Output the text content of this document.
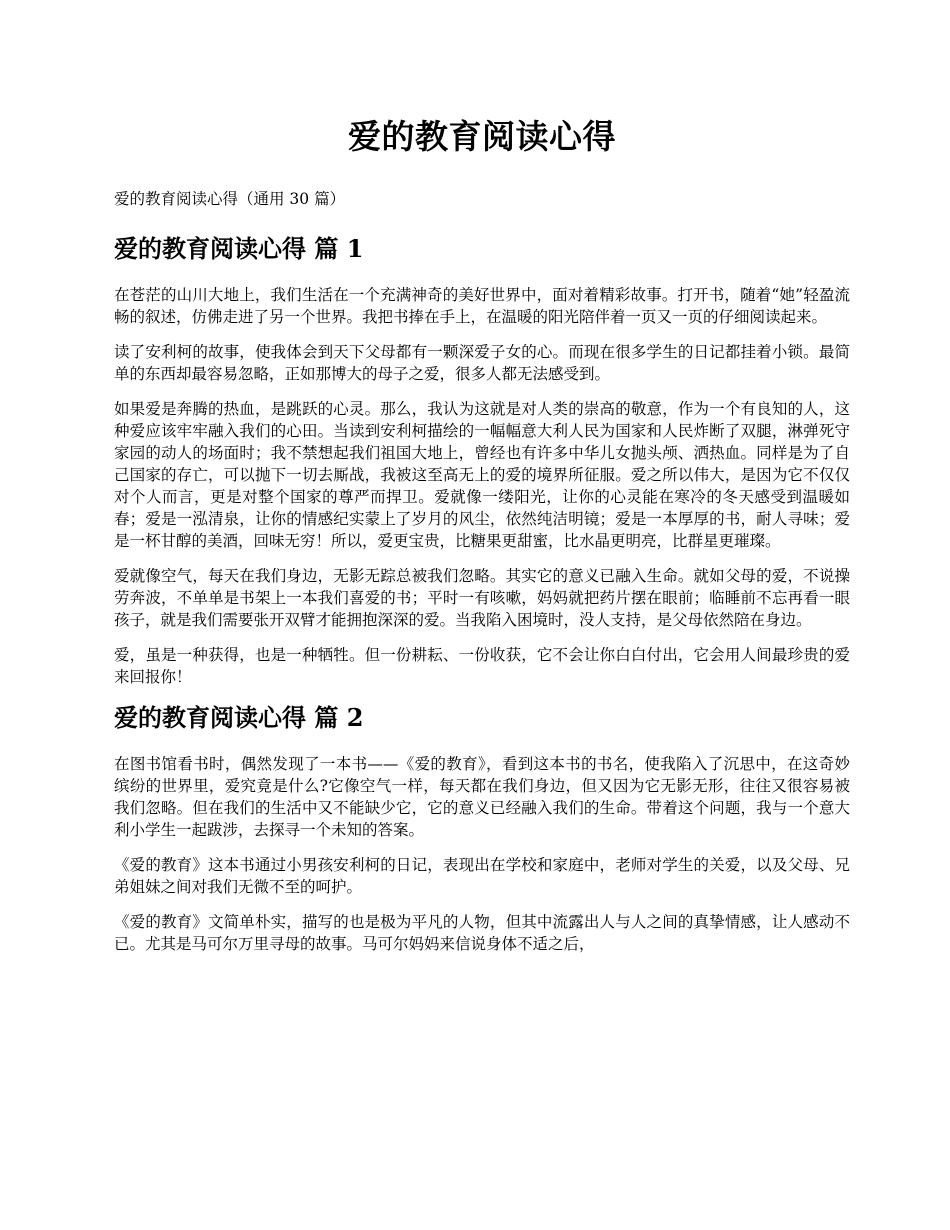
爱的教育阅读心得
爱的教育阅读心得（通用 30 篇）
爱的教育阅读心得 篇 1

在苍茫的山川大地上，我们生活在一个充满神奇的美好世界中，面对着精彩故事。打开书，随着“她”轻盈流畅的叙述，仿佛走进了另一个世界。我把书捧在手上，在温暖的阳光陪伴着一页又一页的仔细阅读起来。

读了安利柯的故事，使我体会到天下父母都有一颗深爱子女的心。而现在很多学生的日记都挂着小锁。最简单的东西却最容易忽略，正如那博大的母子之爱，很多人都无法感受到。

如果爱是奔腾的热血，是跳跃的心灵。那么，我认为这就是对人类的崇高的敬意，作为一个有良知的人，这种爱应该牢牢融入我们的心田。当读到安利柯描绘的一幅幅意大利人民为国家和人民炸断了双腿，淋弹死守家园的动人的场面时；我不禁想起我们祖国大地上，曾经也有许多中华儿女抛头颅、洒热血。同样是为了自己国家的存亡，可以抛下一切去厮战，我被这至高无上的爱的境界所征服。爱之所以伟大，是因为它不仅仅对个人而言，更是对整个国家的尊严而捍卫。爱就像一缕阳光，让你的心灵能在寒冷的冬天感受到温暖如春；爱是一泓清泉，让你的情感纪实蒙上了岁月的风尘，依然纯洁明镜；爱是一本厚厚的书，耐人寻味；爱是一杯甘醇的美酒，回味无穷！所以，爱更宝贵，比糖果更甜蜜，比水晶更明亮，比群星更璀璨。

爱就像空气，每天在我们身边，无影无踪总被我们忽略。其实它的意义已融入生命。就如父母的爱，不说操劳奔波，不单单是书架上一本我们喜爱的书；平时一有咳嗽，妈妈就把药片摆在眼前；临睡前不忘再看一眼孩子，就是我们需要张开双臂才能拥抱深深的爱。当我陷入困境时，没人支持，是父母依然陪在身边。

爱，虽是一种获得，也是一种牺牲。但一份耕耘、一份收获，它不会让你白白付出，它会用人间最珍贵的爱来回报你！

爱的教育阅读心得 篇 2

在图书馆看书时，偶然发现了一本书——《爱的教育》，看到这本书的书名，使我陷入了沉思中，在这奇妙缤纷的世界里，爱究竟是什么?它像空气一样，每天都在我们身边，但又因为它无影无形，往往又很容易被我们忽略。但在我们的生活中又不能缺少它，它的意义已经融入我们的生命。带着这个问题，我与一个意大利小学生一起跋涉，去探寻一个未知的答案。

《爱的教育》这本书通过小男孩安利柯的日记，表现出在学校和家庭中，老师对学生的关爱，以及父母、兄弟姐妹之间对我们无微不至的呵护。

《爱的教育》文简单朴实，描写的也是极为平凡的人物，但其中流露出人与人之间的真挚情感，让人感动不已。尤其是马可尔万里寻母的故事。马可尔妈妈来信说身体不适之后，
